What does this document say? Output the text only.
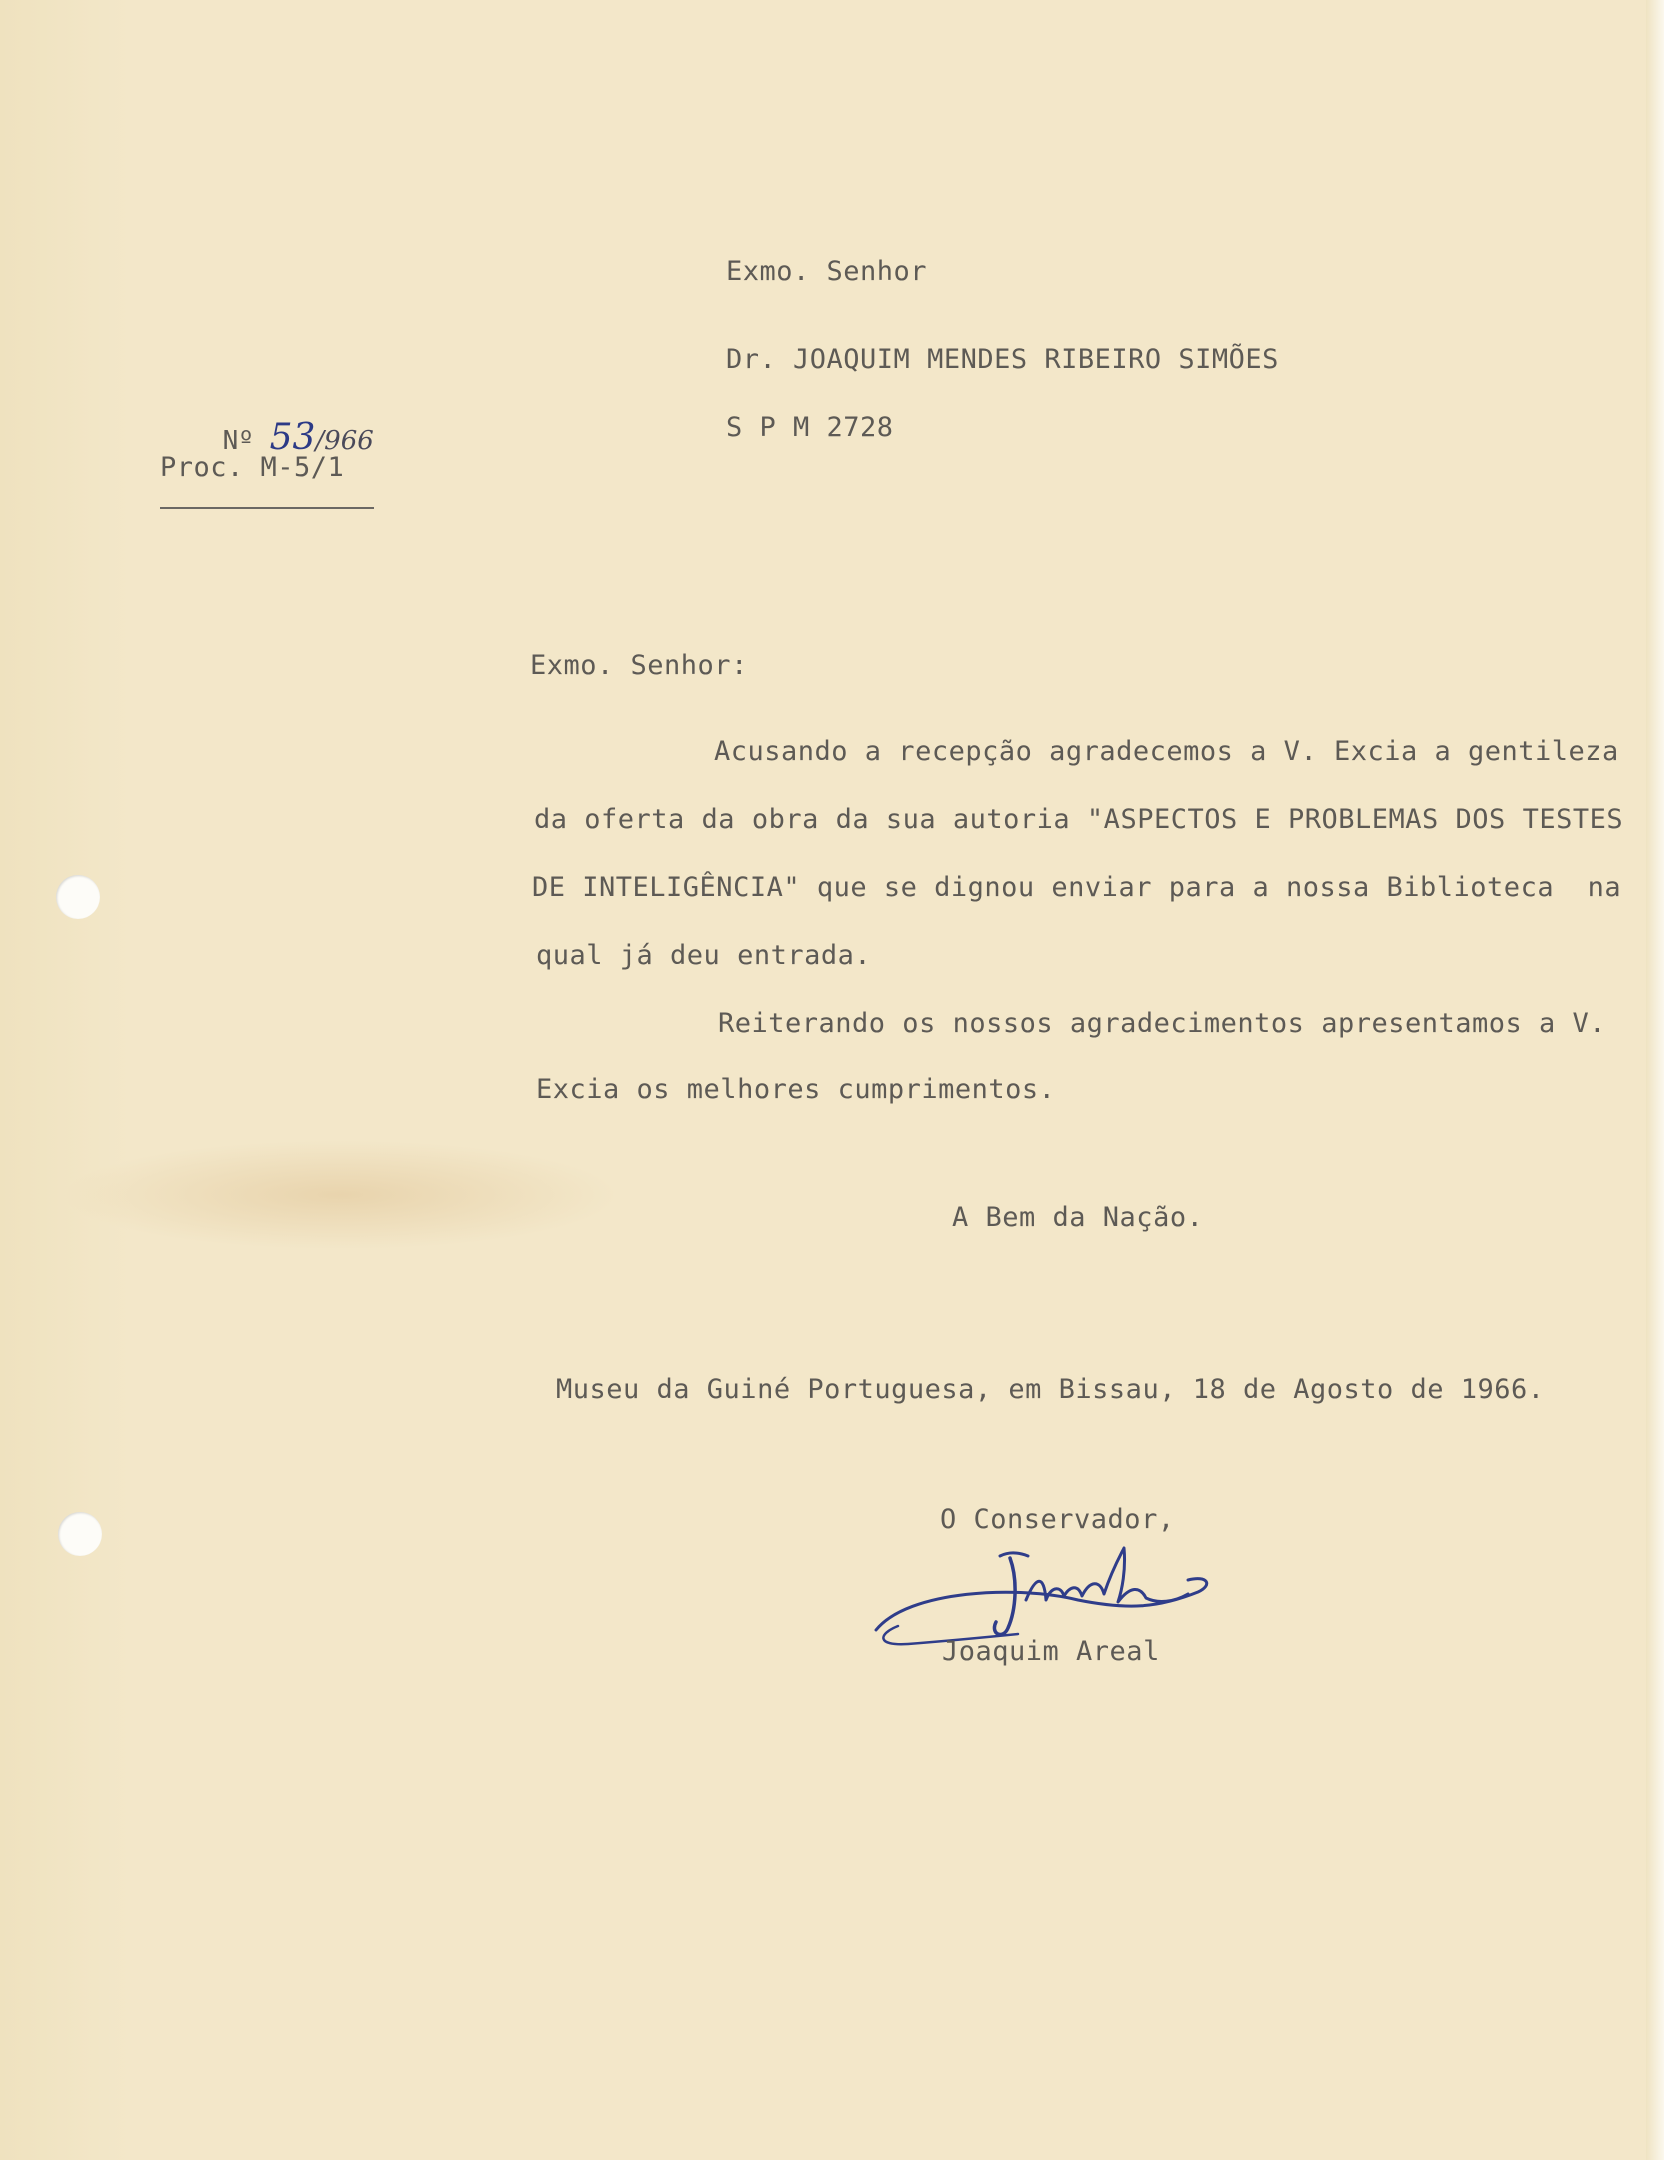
Exmo. Senhor

Dr. JOAQUIM MENDES RIBEIRO SIMÕES

S P M 2728

Nº 53/966

Proc. M-5/1

Exmo. Senhor:

Acusando a recepção agradecemos a V. Excia a gentileza

da oferta da obra da sua autoria "ASPECTOS E PROBLEMAS DOS TESTES

DE INTELIGÊNCIA" que se dignou enviar para a nossa Biblioteca  na

qual já deu entrada.

Reiterando os nossos agradecimentos apresentamos a V.

Excia os melhores cumprimentos.

A Bem da Nação.

Museu da Guiné Portuguesa, em Bissau, 18 de Agosto de 1966.

O Conservador,

Joaquim Areal
